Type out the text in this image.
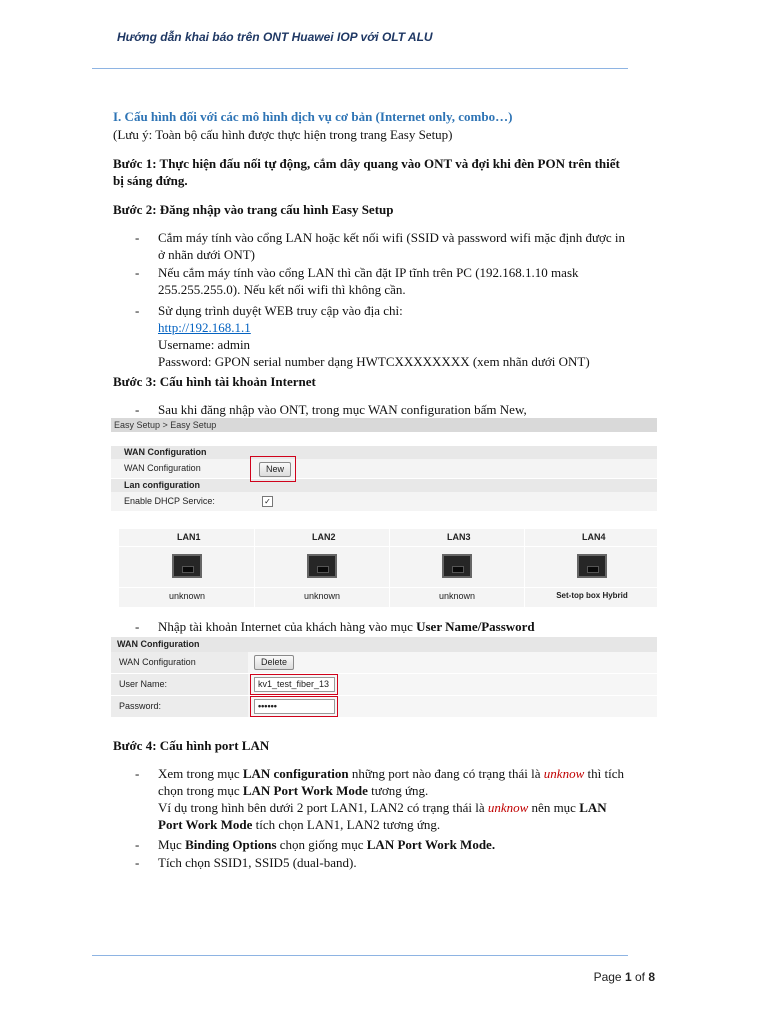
Hướng dẫn khai báo trên ONT Huawei IOP với OLT ALU
I. Cấu hình đối với các mô hình dịch vụ cơ bản (Internet only, combo…)
(Lưu ý: Toàn bộ cấu hình được thực hiện trong trang Easy Setup)
Bước 1: Thực hiện đấu nối tự động, cắm dây quang vào ONT và đợi khi đèn PON trên thiết
bị sáng đứng.
Bước 2: Đăng nhập vào trang cấu hình Easy Setup
- Cắm máy tính vào cổng LAN hoặc kết nối wifi (SSID và password wifi mặc định được in
ở nhãn dưới ONT)
- Nếu cắm máy tính vào cổng LAN thì cần đặt IP tĩnh trên PC (192.168.1.10 mask
255.255.255.0). Nếu kết nối wifi thì không cần.
- Sử dụng trình duyệt WEB truy cập vào địa chỉ:
http://192.168.1.1
Username: admin
Password: GPON serial number dạng HWTCXXXXXXXX (xem nhãn dưới ONT)
Bước 3: Cấu hình tài khoản Internet
- Sau khi đăng nhập vào ONT, trong mục WAN configuration bấm New,
Easy Setup > Easy Setup
WAN Configuration
WAN Configuration	New
Lan configuration
Enable DHCP Service:	✓
LAN1	LAN2	LAN3	LAN4
unknown	unknown	unknown	Set-top box Hybrid
- Nhập tài khoản Internet của khách hàng vào mục User Name/Password
WAN Configuration
WAN Configuration	Delete
User Name:	kv1_test_fiber_13
Password:	••••••
Bước 4: Cấu hình port LAN
- Xem trong mục LAN configuration những port nào đang có trạng thái là unknow thì tích
chọn trong mục LAN Port Work Mode tương ứng.
Ví dụ trong hình bên dưới 2 port LAN1, LAN2 có trạng thái là unknow nên mục LAN
Port Work Mode tích chọn LAN1, LAN2 tương ứng.
- Mục Binding Options chọn giống mục LAN Port Work Mode.
- Tích chọn SSID1, SSID5 (dual-band).
Page 1 of 8
